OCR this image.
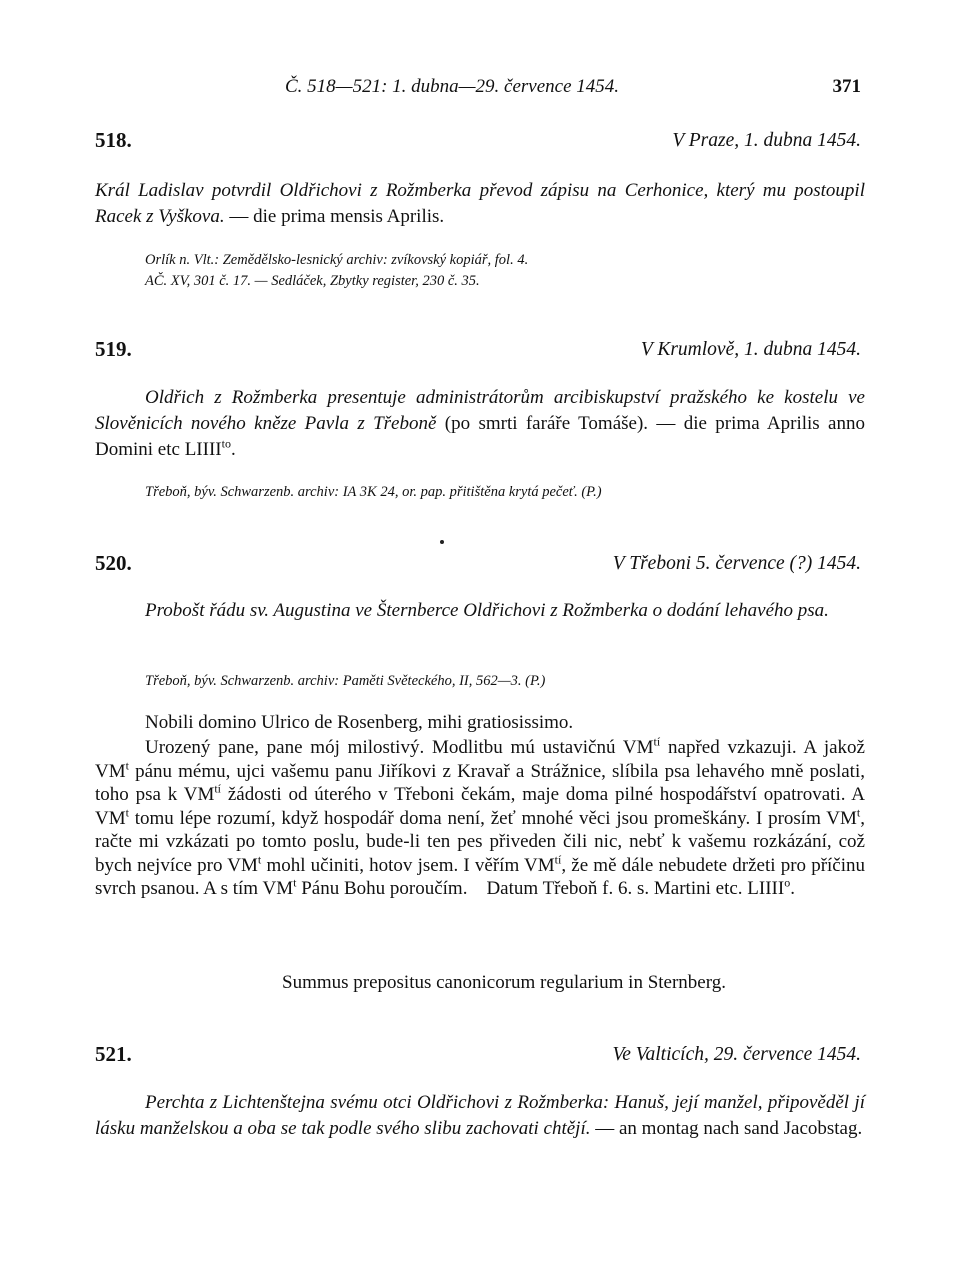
Č. 518—521: 1. dubna—29. července 1454.	371
518.	V Praze, 1. dubna 1454.
Král Ladislav potvrdil Oldřichovi z Rožmberka převod zápisu na Cerhonice, který mu postoupil Racek z Vyškova. — die prima mensis Aprilis.
Orlík n. Vlt.: Zemědělsko-lesnický archiv: zvíkovský kopiář, fol. 4.
AČ. XV, 301 č. 17. — Sedláček, Zbytky register, 230 č. 35.
519.	V Krumlově, 1. dubna 1454.
Oldřich z Rožmberka presentuje administrátorům arcibiskupství pražského ke kostelu ve Slověnicích nového kněze Pavla z Třeboně (po smrti faráře Tomáše). — die prima Aprilis anno Domini etc $LIIII^{to}$.
Třeboň, býv. Schwarzenb. archiv: IA 3K 24, or. pap. přitištěna krytá pečeť. (P.)
520.	V Třeboni 5. července (?) 1454.
Probošt řádu sv. Augustina ve Šternberce Oldřichovi z Rožmberka o dodání lehavého psa.
Třeboň, býv. Schwarzenb. archiv: Paměti Světeckého, II, 562—3. (P.)
Nobili domino Ulrico de Rosenberg, mihi gratiosissimo.
Urozený pane, pane mój milostivý. Modlitbu mú ustavičnú $VM^{tí}$ napřed vzkazuji. A jakož $VM^t$ pánu mému, ujci vašemu panu Jiříkovi z Kravař a Strážnice, slíbila psa lehavého mně poslati, toho psa k $VM^{tí}$ žádosti od úterého v Třeboni čekám, maje doma pilné hospodářství opatrovati. A $VM^t$ tomu lépe rozumí, když hospodář doma není, žeť mnohé věci jsou promeškány. I prosím $VM^t$, račte mi vzkázati po tomto poslu, bude-li ten pes přiveden čili nic, nebť k vašemu rozkázání, což bych nejvíce pro $VM^t$ mohl učiniti, hotov jsem. I věřím $VM^{tí}$, že mě dále nebudete držeti pro příčinu svrch psanou. A s tím $VM^t$ Pánu Bohu poroučím.    Datum Třeboň f. 6. s. Martini etc. LIIII$^o$.
Summus prepositus canonicorum regularium in Sternberg.
521.	Ve Valticích, 29. července 1454.
Perchta z Lichtenštejna svému otci Oldřichovi z Rožmberka: Hanuš, její manžel, připověděl jí lásku manželskou a oba se tak podle svého slibu zachovati chtějí. — an montag nach sand Jacobstag.
